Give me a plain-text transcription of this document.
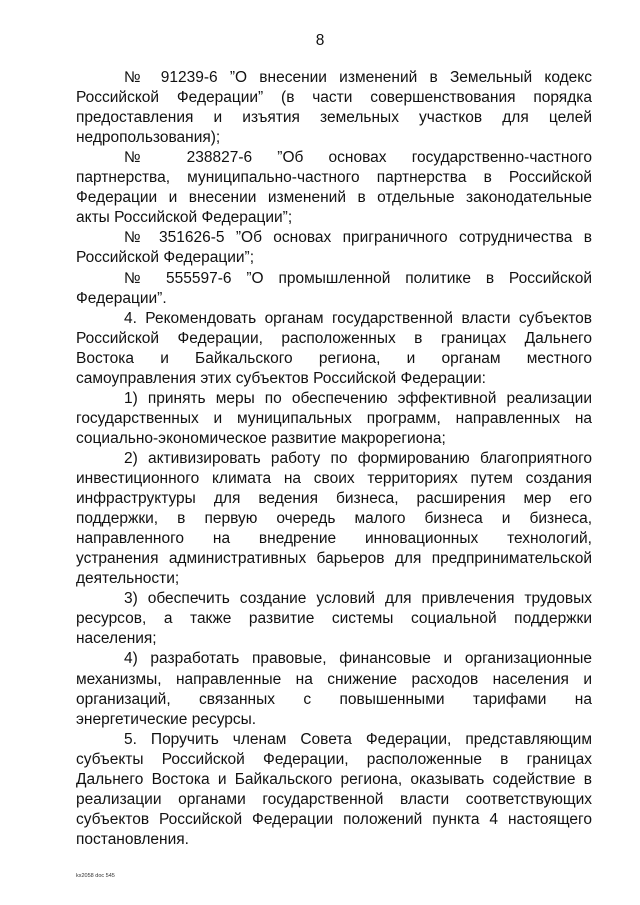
8
№ 91239-6 ”О внесении изменений в Земельный кодекс
Российской Федерации” (в части совершенствования порядка
предоставления и изъятия земельных участков для целей
недропользования);
№ 238827-6 ”Об основах государственно-частного
партнерства, муниципально-частного партнерства в Российской
Федерации и внесении изменений в отдельные законодательные
акты Российской Федерации”;
№ 351626-5 ”Об основах приграничного сотрудничества в
Российской Федерации”;
№ 555597-6 ”О промышленной политике в Российской
Федерации”.
4. Рекомендовать органам государственной власти субъектов
Российской Федерации, расположенных в границах Дальнего
Востока и Байкальского региона, и органам местного
самоуправления этих субъектов Российской Федерации:
1) принять меры по обеспечению эффективной реализации
государственных и муниципальных программ, направленных на
социально-экономическое развитие макрорегиона;
2) активизировать работу по формированию благоприятного
инвестиционного климата на своих территориях путем создания
инфраструктуры для ведения бизнеса, расширения мер его
поддержки, в первую очередь малого бизнеса и бизнеса,
направленного на внедрение инновационных технологий,
устранения административных барьеров для предпринимательской
деятельности;
3) обеспечить создание условий для привлечения трудовых
ресурсов, а также развитие системы социальной поддержки
населения;
4) разработать правовые, финансовые и организационные
механизмы, направленные на снижение расходов населения и
организаций, связанных с повышенными тарифами на
энергетические ресурсы.
5. Поручить членам Совета Федерации, представляющим
субъекты Российской Федерации, расположенные в границах
Дальнего Востока и Байкальского региона, оказывать содействие в
реализации органами государственной власти соответствующих
субъектов Российской Федерации положений пункта 4 настоящего
постановления.
kx2058 doc 545
